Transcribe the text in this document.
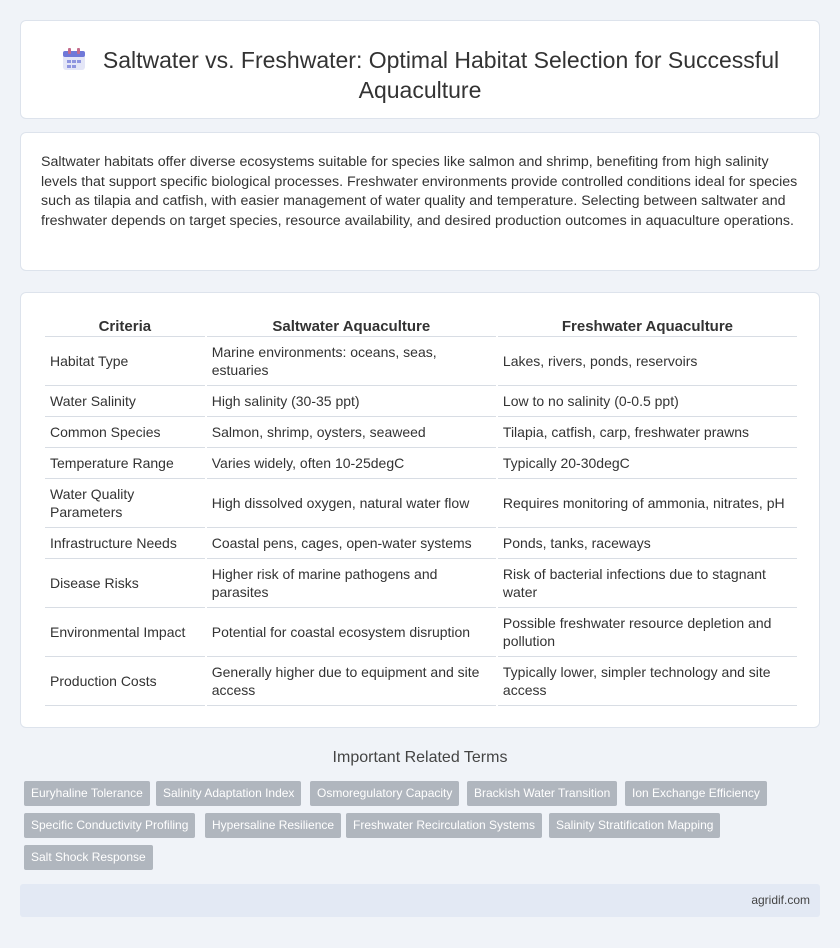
Saltwater vs. Freshwater: Optimal Habitat Selection for Successful Aquaculture

Saltwater habitats offer diverse ecosystems suitable for species like salmon and shrimp, benefiting from high salinity levels that support specific biological processes. Freshwater environments provide controlled conditions ideal for species such as tilapia and catfish, with easier management of water quality and temperature. Selecting between saltwater and freshwater depends on target species, resource availability, and desired production outcomes in aquaculture operations.

Criteria	Saltwater Aquaculture	Freshwater Aquaculture
Habitat Type	Marine environments: oceans, seas, estuaries	Lakes, rivers, ponds, reservoirs
Water Salinity	High salinity (30-35 ppt)	Low to no salinity (0-0.5 ppt)
Common Species	Salmon, shrimp, oysters, seaweed	Tilapia, catfish, carp, freshwater prawns
Temperature Range	Varies widely, often 10-25degC	Typically 20-30degC
Water Quality Parameters	High dissolved oxygen, natural water flow	Requires monitoring of ammonia, nitrates, pH
Infrastructure Needs	Coastal pens, cages, open-water systems	Ponds, tanks, raceways
Disease Risks	Higher risk of marine pathogens and parasites	Risk of bacterial infections due to stagnant water
Environmental Impact	Potential for coastal ecosystem disruption	Possible freshwater resource depletion and pollution
Production Costs	Generally higher due to equipment and site access	Typically lower, simpler technology and site access
Important Related Terms
Euryhaline Tolerance	Salinity Adaptation Index	Osmoregulatory Capacity	Brackish Water Transition	Ion Exchange Efficiency
Specific Conductivity Profiling	Hypersaline Resilience	Freshwater Recirculation Systems	Salinity Stratification Mapping
Salt Shock Response
agridif.com
